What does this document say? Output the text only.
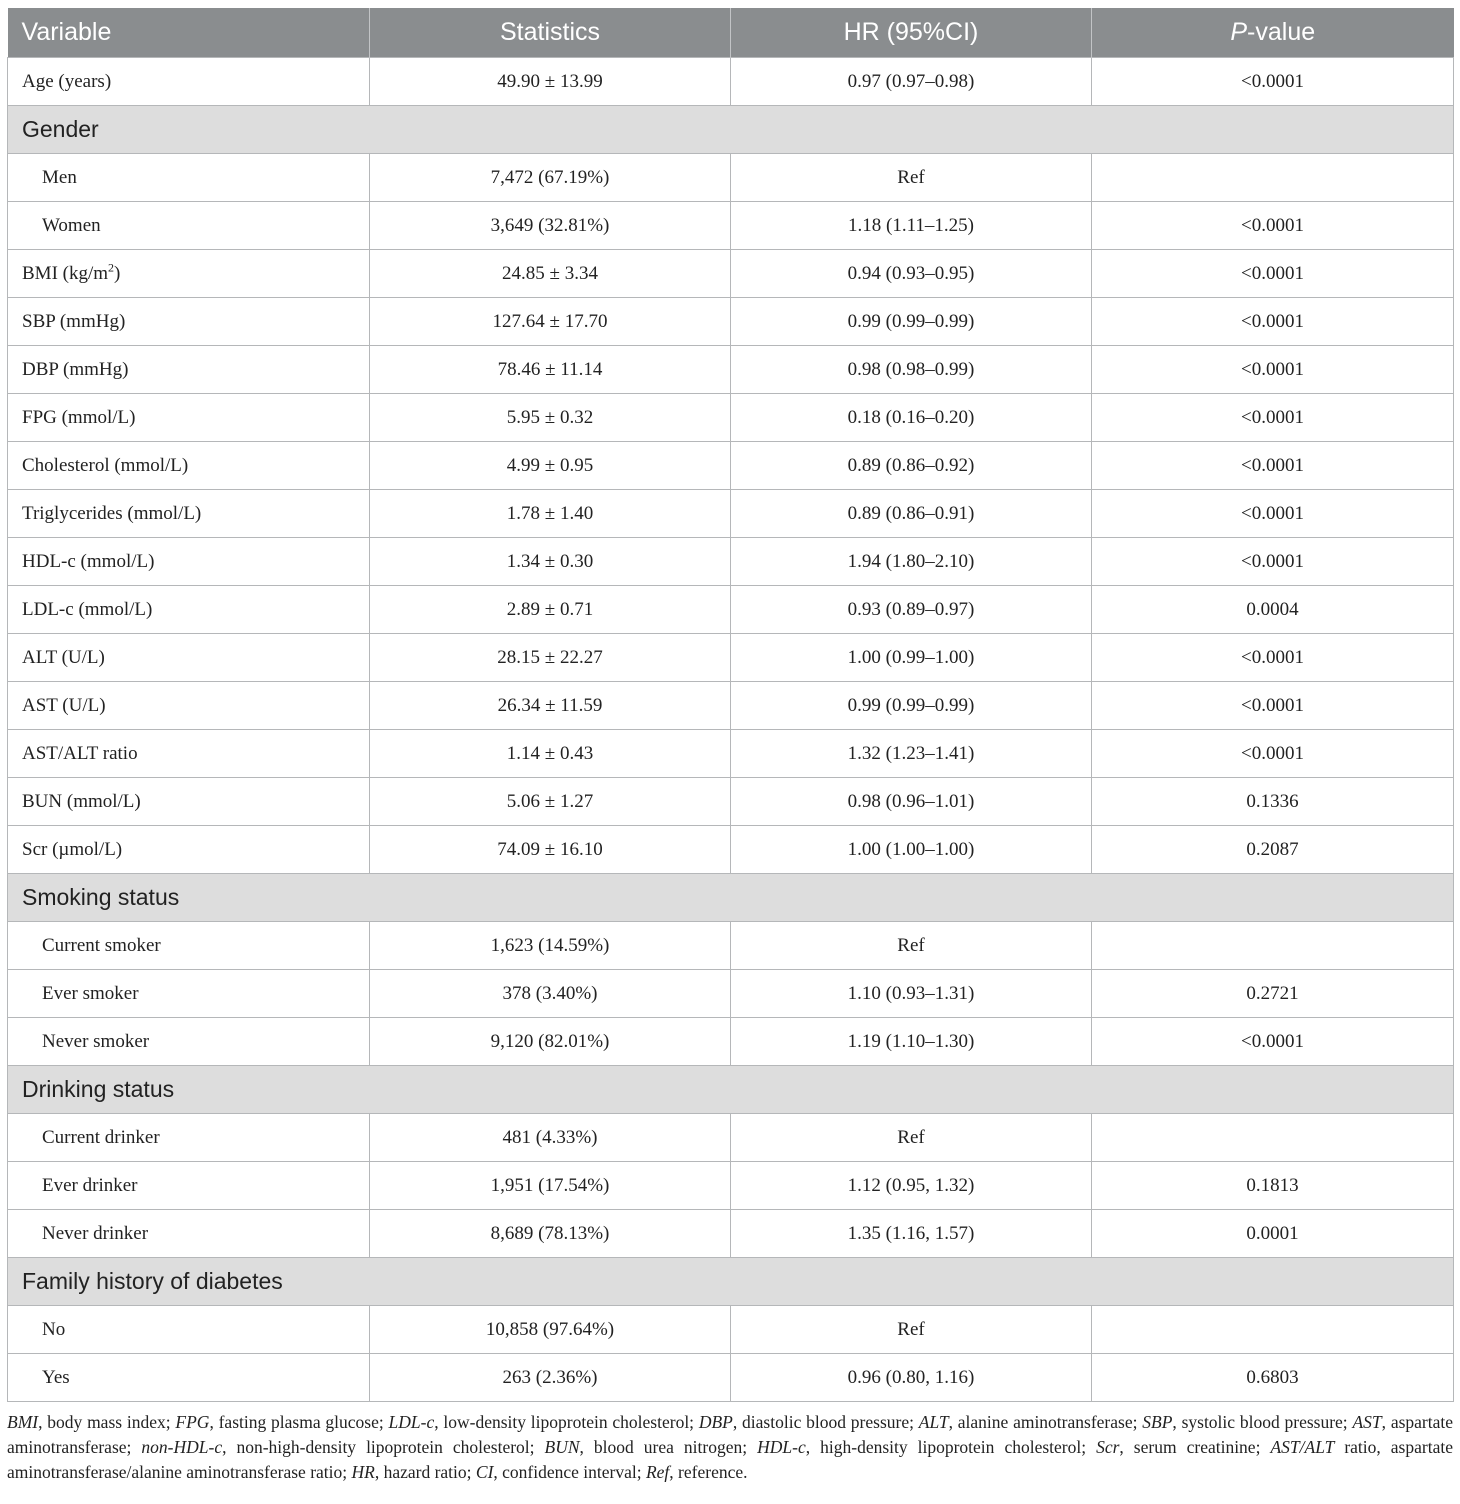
Variable	Statistics	HR (95%CI)	P-value
Age (years)	49.90 ± 13.99	0.97 (0.97–0.98)	<0.0001
Gender			
Men	7,472 (67.19%)	Ref	
Women	3,649 (32.81%)	1.18 (1.11–1.25)	<0.0001
BMI $(kg/m^2)$	24.85 ± 3.34	0.94 (0.93–0.95)	<0.0001
SBP (mmHg)	127.64 ± 17.70	0.99 (0.99–0.99)	<0.0001
DBP (mmHg)	78.46 ± 11.14	0.98 (0.98–0.99)	<0.0001
FPG (mmol/L)	5.95 ± 0.32	0.18 (0.16–0.20)	<0.0001
Cholesterol (mmol/L)	4.99 ± 0.95	0.89 (0.86–0.92)	<0.0001
Triglycerides (mmol/L)	1.78 ± 1.40	0.89 (0.86–0.91)	<0.0001
HDL-c (mmol/L)	1.34 ± 0.30	1.94 (1.80–2.10)	<0.0001
LDL-c (mmol/L)	2.89 ± 0.71	0.93 (0.89–0.97)	0.0004
ALT (U/L)	28.15 ± 22.27	1.00 (0.99–1.00)	<0.0001
AST (U/L)	26.34 ± 11.59	0.99 (0.99–0.99)	<0.0001
AST/ALT ratio	1.14 ± 0.43	1.32 (1.23–1.41)	<0.0001
BUN (mmol/L)	5.06 ± 1.27	0.98 (0.96–1.01)	0.1336
Scr (µmol/L)	74.09 ± 16.10	1.00 (1.00–1.00)	0.2087
Smoking status			
Current smoker	1,623 (14.59%)	Ref	
Ever smoker	378 (3.40%)	1.10 (0.93–1.31)	0.2721
Never smoker	9,120 (82.01%)	1.19 (1.10–1.30)	<0.0001
Drinking status			
Current drinker	481 (4.33%)	Ref	
Ever drinker	1,951 (17.54%)	1.12 (0.95, 1.32)	0.1813
Never drinker	8,689 (78.13%)	1.35 (1.16, 1.57)	0.0001
Family history of diabetes			
No	10,858 (97.64%)	Ref	
Yes	263 (2.36%)	0.96 (0.80, 1.16)	0.6803
BMI, body mass index; FPG, fasting plasma glucose; LDL-c, low-density lipoprotein cholesterol; DBP, diastolic blood pressure; ALT, alanine aminotransferase; SBP, systolic blood pressure; AST, aspartate aminotransferase; non-HDL-c, non-high-density lipoprotein cholesterol; BUN, blood urea nitrogen; HDL-c, high-density lipoprotein cholesterol; Scr, serum creatinine; AST/ALT ratio, aspartate aminotransferase/alanine aminotransferase ratio; HR, hazard ratio; CI, confidence interval; Ref, reference.
